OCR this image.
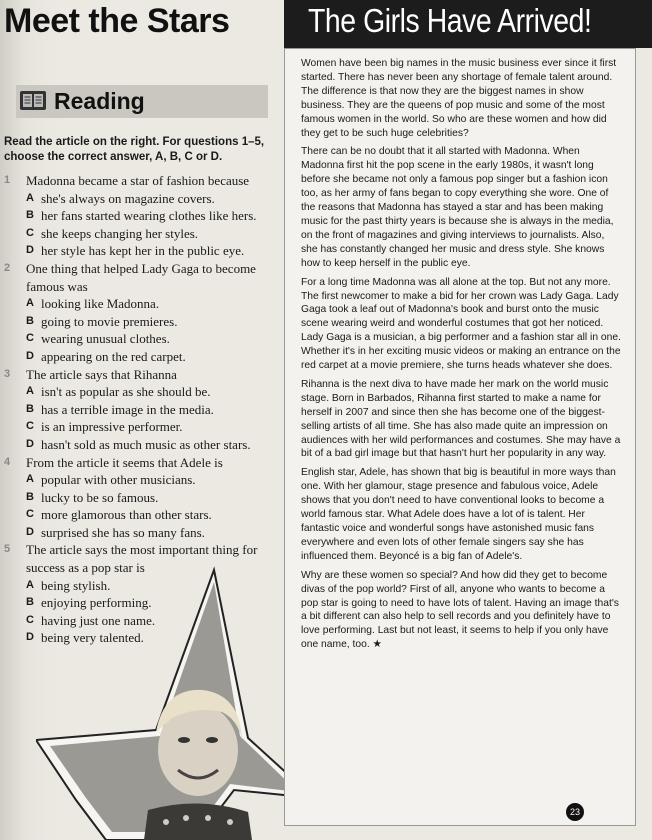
Meet the Stars The Girls Have Arrived!
Reading
Read the article on the right. For questions 1–5, choose the correct answer, A, B, C or D.
1	Madonna became a star of fashion because
A she's always on magazine covers.
B her fans started wearing clothes like hers.
C she keeps changing her styles.
D her style has kept her in the public eye.
2	One thing that helped Lady Gaga to become famous was
A looking like Madonna.
B going to movie premieres.
C wearing unusual clothes.
D appearing on the red carpet.
3	The article says that Rihanna
A isn't as popular as she should be.
B has a terrible image in the media.
C is an impressive performer.
D hasn't sold as much music as other stars.
4	From the article it seems that Adele is
A popular with other musicians.
B lucky to be so famous.
C more glamorous than other stars.
D surprised she has so many fans.
5	The article says the most important thing for success as a pop star is
A being stylish.
B enjoying performing.
C having just one name.
D being very talented.

Women have been big names in the music business ever since it first started. There has never been any shortage of female talent around. The difference is that now they are the biggest names in show business. They are the queens of pop music and some of the most famous women in the world. So who are these women and how did they get to be such huge celebrities?

There can be no doubt that it all started with Madonna. When Madonna first hit the pop scene in the early 1980s, it wasn't long before she became not only a famous pop singer but a fashion icon too, as her army of fans began to copy everything she wore. One of the reasons that Madonna has stayed a star and has been making music for the past thirty years is because she is always in the media, on the front of magazines and giving interviews to journalists. Also, she has constantly changed her music and dress style. She knows how to keep herself in the public eye.

For a long time Madonna was all alone at the top. But not any more. The first newcomer to make a bid for her crown was Lady Gaga. Lady Gaga took a leaf out of Madonna's book and burst onto the music scene wearing weird and wonderful costumes that got her noticed. Lady Gaga is a musician, a big performer and a fashion star all in one. Whether it's in her exciting music videos or making an entrance on the red carpet at a movie premiere, she turns heads whatever she does.

Rihanna is the next diva to have made her mark on the world music stage. Born in Barbados, Rihanna first started to make a name for herself in 2007 and since then she has become one of the biggest-selling artists of all time. She has also made quite an impression on audiences with her wild performances and costumes. She may have a bit of a bad girl image but that hasn't hurt her popularity in any way.

English star, Adele, has shown that big is beautiful in more ways than one. With her glamour, stage presence and fabulous voice, Adele shows that you don't need to have conventional looks to become a world famous star. What Adele does have a lot of is talent. Her fantastic voice and wonderful songs have astonished music fans everywhere and even lots of other female singers say she has influenced them. Beyoncé is a big fan of Adele's.

Why are these women so special? And how did they get to become divas of the pop world? First of all, anyone who wants to become a pop star is going to need to have lots of talent. Having an image that's a bit different can also help to sell records and you definitely have to love performing. Last but not least, it seems to help if you only have one name, too. ★

23
